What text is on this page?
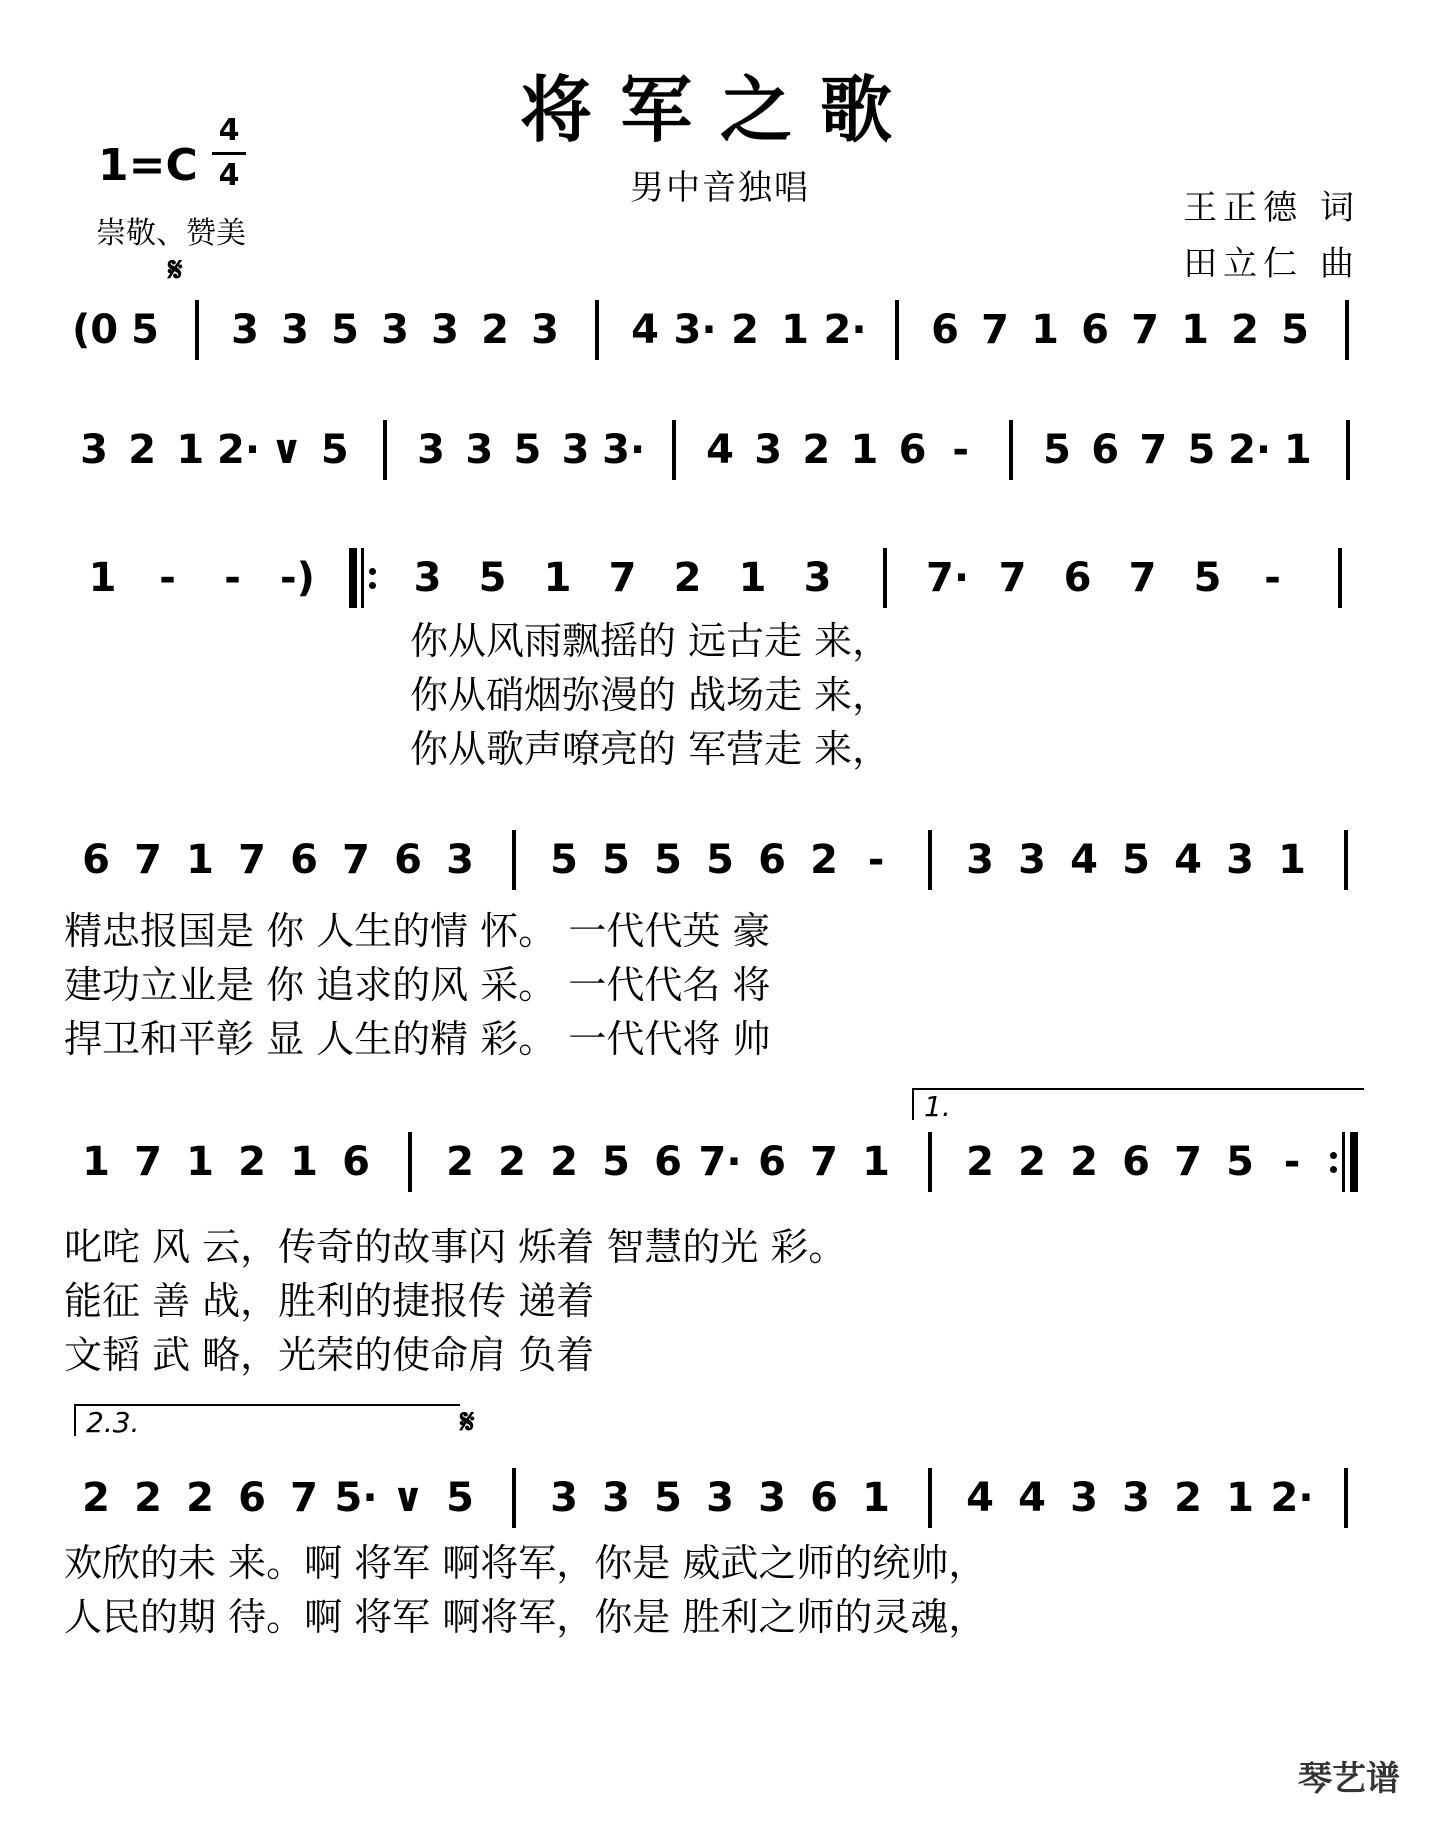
将军之歌
男中音独唱
1=C
4
4
崇敬、赞美
王正德 词
田立仁 曲
𝄋
𝄋
(0 5 3 3 5 3 3 2 3 4 3· 2 1 2· 6 7 1 6 7 1 2 5
3 2 1 2· ∨ 5 3 3 5 3 3· 4 3 2 1 6 -	5 6 7 5 2· 1
1	-	- -)	3 5 1 7 2 1 3	7· 7 6 7 5	-
6 7 1 7 6 7 6 3	5 5 5 5 6 2 -	3 3 4 5 4 3 1
1 7 1 2 1 6	2 2 2 5 6 7· 6 7 1	2 2 2 6 7 5 -
2 2 2 6 7 5· ∨ 5	3 3 5 3 3 6 1	4 4 3 3 2 1 2·
你从风雨飘摇的 远古走 来，
你从硝烟弥漫的 战场走 来，
你从歌声嘹亮的 军营走 来，
精忠报国是 你 人生的情 怀。 一代代英 豪
建功立业是 你 追求的风 采。 一代代名 将
捍卫和平彰 显 人生的精 彩。 一代代将 帅
1.
叱咤 风 云，传奇的故事闪 烁着 智慧的光 彩。
能征 善 战，胜利的捷报传 递着
文韬 武 略，光荣的使命肩 负着
2.3.
欢欣的未 来。啊 将军 啊将军，你是 威武之师的统帅，
人民的期 待。啊 将军 啊将军，你是 胜利之师的灵魂，
琴艺谱
